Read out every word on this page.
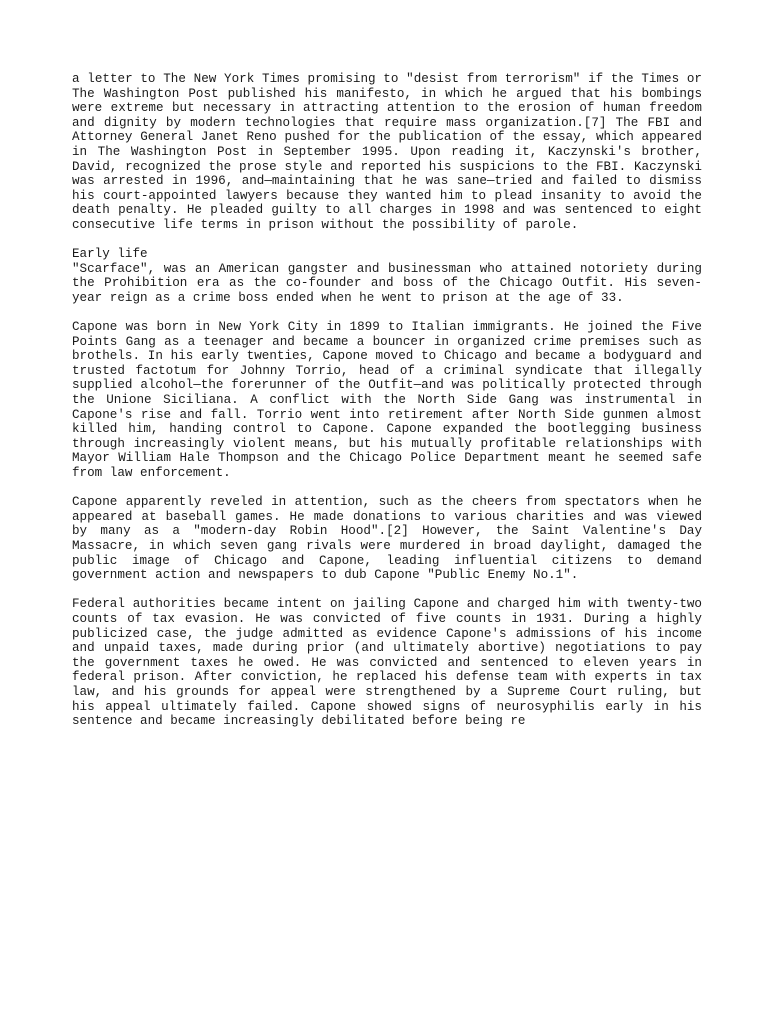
a letter to The New York Times promising to "desist from terrorism" if the Times or The Washington Post published his manifesto, in which he argued that his bombings were extreme but necessary in attracting attention to the erosion of human freedom and dignity by modern technologies that require mass organization.[7] The FBI and Attorney General Janet Reno pushed for the publication of the essay, which appeared in The Washington Post in September 1995. Upon reading it, Kaczynski's brother, David, recognized the prose style and reported his suspicions to the FBI. Kaczynski was arrested in 1996, and—maintaining that he was sane—tried and failed to dismiss his court-appointed lawyers because they wanted him to plead insanity to avoid the death penalty. He pleaded guilty to all charges in 1998 and was sentenced to eight consecutive life terms in prison without the possibility of parole.

Early life

"Scarface", was an American gangster and businessman who attained notoriety during the Prohibition era as the co-founder and boss of the Chicago Outfit. His seven-year reign as a crime boss ended when he went to prison at the age of 33.

Capone was born in New York City in 1899 to Italian immigrants. He joined the Five Points Gang as a teenager and became a bouncer in organized crime premises such as brothels. In his early twenties, Capone moved to Chicago and became a bodyguard and trusted factotum for Johnny Torrio, head of a criminal syndicate that illegally supplied alcohol—the forerunner of the Outfit—and was politically protected through the Unione Siciliana. A conflict with the North Side Gang was instrumental in Capone's rise and fall. Torrio went into retirement after North Side gunmen almost killed him, handing control to Capone. Capone expanded the bootlegging business through increasingly violent means, but his mutually profitable relationships with Mayor William Hale Thompson and the Chicago Police Department meant he seemed safe from law enforcement.

Capone apparently reveled in attention, such as the cheers from spectators when he appeared at baseball games. He made donations to various charities and was viewed by many as a "modern-day Robin Hood".[2] However, the Saint Valentine's Day Massacre, in which seven gang rivals were murdered in broad daylight, damaged the public image of Chicago and Capone, leading influential citizens to demand government action and newspapers to dub Capone "Public Enemy No.1".

Federal authorities became intent on jailing Capone and charged him with twenty-two counts of tax evasion. He was convicted of five counts in 1931. During a highly publicized case, the judge admitted as evidence Capone's admissions of his income and unpaid taxes, made during prior (and ultimately abortive) negotiations to pay the government taxes he owed. He was convicted and sentenced to eleven years in federal prison. After conviction, he replaced his defense team with experts in tax law, and his grounds for appeal were strengthened by a Supreme Court ruling, but his appeal ultimately failed. Capone showed signs of neurosyphilis early in his sentence and became increasingly debilitated before being re
